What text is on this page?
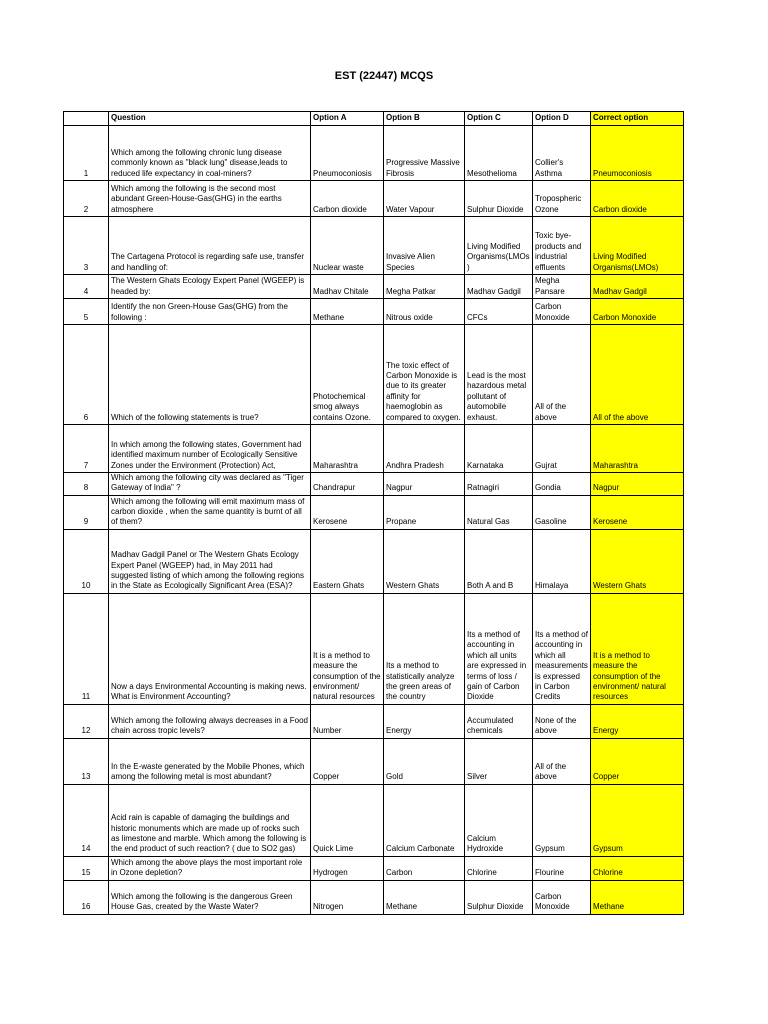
EST (22447) MCQS
	Question	Option A	Option B	Option C	Option D	Correct option
1	Which among the following chronic lung disease commonly known as "black lung" disease,leads to reduced life expectancy in coal-miners?	Pneumoconiosis	Progressive Massive Fibrosis	Mesothelioma	Collier's Asthma	Pneumoconiosis
2	Which among the following is the second most abundant Green-House-Gas(GHG) in the earths atmosphere	Carbon dioxide	Water Vapour	Sulphur Dioxide	Tropospheric Ozone	Carbon dioxide
3	The Cartagena Protocol is regarding safe use, transfer and handling of:	Nuclear waste	Invasive Alien Species	Living Modified Organisms(LMOs)	Toxic bye-products and industrial effluents	Living Modified Organisms(LMOs)
4	The Western Ghats Ecology Expert Panel (WGEEP) is headed by:	Madhav Chitale	Megha Patkar	Madhav Gadgil	Megha Pansare	Madhav Gadgil
5	Identify the non Green-House Gas(GHG) from the following :	Methane	Nitrous oxide	CFCs	Carbon Monoxide	Carbon Monoxide
6	Which of the following statements is true?	Photochemical smog always contains Ozone.	The toxic effect of Carbon Monoxide is due to its greater affinity for haemoglobin as compared to oxygen.	Lead is the most hazardous metal pollutant of automobile exhaust.	All of the above	All of the above
7	In which among the following states, Government had identified maximum number of Ecologically Sensitive Zones under the Environment (Protection) Act,	Maharashtra	Andhra Pradesh	Karnataka	Gujrat	Maharashtra
8	Which among the following city was declared as "Tiger Gateway of India" ?	Chandrapur	Nagpur	Ratnagiri	Gondia	Nagpur
9	Which among the following will emit maximum mass of carbon dioxide , when the same quantity is burnt of all of them?	Kerosene	Propane	Natural Gas	Gasoline	Kerosene
10	Madhav Gadgil Panel or The Western Ghats Ecology Expert Panel (WGEEP) had, in May 2011 had suggested listing of which among the following regions in the State as Ecologically Significant Area (ESA)?	Eastern Ghats	Western Ghats	Both A and B	Himalaya	Western Ghats
11	Now a days Environmental Accounting is making news. What is Environment Accounting?	It is a method to measure the consumption of the environment/ natural resources	Its a method to statistically analyze the green areas of the country	Its a method of accounting in which all units are expressed in terms of loss / gain of Carbon Dioxide	Its a method of accounting in which all measurements is expressed in Carbon Credits	It is a method to measure the consumption of the environment/ natural resources
12	Which among the following always decreases in a Food chain across tropic levels?	Number	Energy	Accumulated chemicals	None of the above	Energy
13	In the E-waste generated by the Mobile Phones, which among the following metal is most abundant?	Copper	Gold	Silver	All of the above	Copper
14	Acid rain is capable of damaging the buildings and historic monuments which are made up of rocks such as limestone and marble. Which among the following is the end product of such reaction? ( due to SO2 gas)	Quick Lime	Calcium Carbonate	Calcium Hydroxide	Gypsum	Gypsum
15	Which among the above plays the most important role in Ozone depletion?	Hydrogen	Carbon	Chlorine	Flourine	Chlorine
16	Which among the following is the dangerous Green House Gas, created by the Waste Water?	Nitrogen	Methane	Sulphur Dioxide	Carbon Monoxide	Methane
